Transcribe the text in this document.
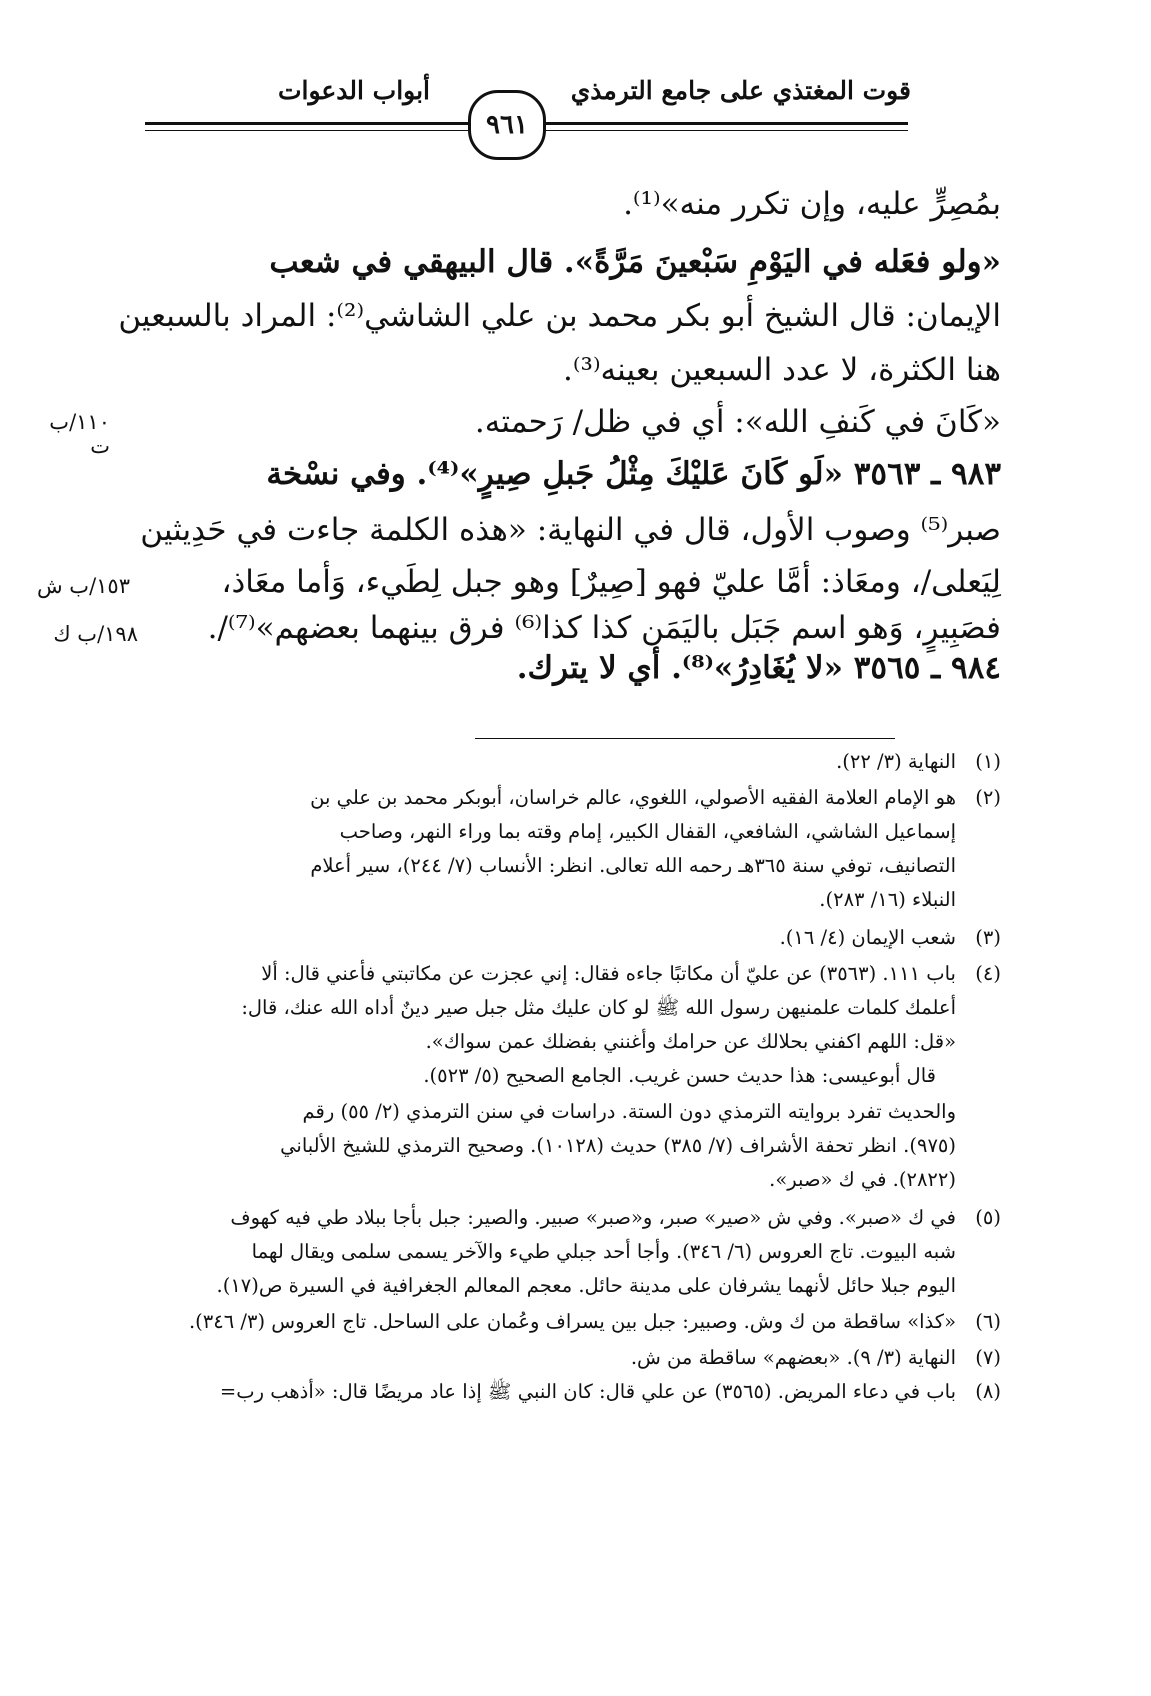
قوت المغتذي على جامع الترمذي
أبواب الدعوات
٩٦١
بمُصِرٍّ عليه، وإن تكرر منه»⁽¹⁾.
«ولو فعَله في اليَوْمِ سَبْعينَ مَرَّةً». قال البيهقي في شعب
الإيمان: قال الشيخ أبو بكر محمد بن علي الشاشي⁽²⁾: المراد بالسبعين
هنا الكثرة، لا عدد السبعين بعينه⁽³⁾.
«كَانَ في كَنفِ الله»: أي في ظل/ رَحمته.
٩٨٣ ـ ٣٥٦٣ «لَو كَانَ عَليْكَ مِثْلُ جَبلِ صِيرٍ»⁽⁴⁾. وفي نسْخة
صبر⁽⁵⁾ وصوب الأول، قال في النهاية: «هذه الكلمة جاءت في حَدِيثين
لِيَعلى/، ومعَاذ: أمَّا عليّ فهو [صِيرٌ] وهو جبل لِطَيء، وَأما معَاذ،
فصَبِيرٍ، وَهو اسم جَبَل باليَمَن كذا كذا⁽⁶⁾ فرق بينهما بعضهم»⁽⁷⁾/.
٩٨٤ ـ ٣٥٦٥ «لا يُغَادِرُ»⁽⁸⁾. أي لا يترك.
١١٠/ب ت
١٥٣/ب ش
١٩٨/ب ك
(١)
النهاية (٣/ ٢٢).
(٢)
هو الإمام العلامة الفقيه الأصولي، اللغوي، عالم خراسان، أبوبكر محمد بن علي بن
إسماعيل الشاشي، الشافعي، القفال الكبير، إمام وقته بما وراء النهر، وصاحب
التصانيف، توفي سنة ٣٦٥هـ رحمه الله تعالى. انظر: الأنساب (٧/ ٢٤٤)، سير أعلام
النبلاء (١٦/ ٢٨٣).
(٣)
شعب الإيمان (٤/ ١٦).
(٤)
باب ١١١. (٣٥٦٣) عن عليّ أن مكاتبًا جاءه فقال: إني عجزت عن مكاتبتي فأعني قال: ألا
أعلمك كلمات علمنيهن رسول الله ﷺ لو كان عليك مثل جبل صير دينٌ أداه الله عنك، قال:
«قل: اللهم اكفني بحلالك عن حرامك وأغنني بفضلك عمن سواك».
قال أبوعيسى: هذا حديث حسن غريب. الجامع الصحيح (٥/ ٥٢٣).
والحديث تفرد بروايته الترمذي دون الستة. دراسات في سنن الترمذي (٢/ ٥٥) رقم
(٩٧٥). انظر تحفة الأشراف (٧/ ٣٨٥) حديث (١٠١٢٨). وصحيح الترمذي للشيخ الألباني
(٢٨٢٢). في ك «صبر».
(٥)
في ك «صبر». وفي ش «صير» صبر، و«صبر» صبير. والصير: جبل بأجا ببلاد طي فيه كهوف
شبه البيوت. تاج العروس (٦/ ٣٤٦). وأجا أحد جبلي طيء والآخر يسمى سلمى ويقال لهما
اليوم جبلا حائل لأنهما يشرفان على مدينة حائل. معجم المعالم الجغرافية في السيرة ص(١٧).
(٦)
«كذا» ساقطة من ك وش. وصبير: جبل بين يسراف وعُمان على الساحل. تاج العروس (٣/ ٣٤٦).
(٧)
النهاية (٣/ ٩). «بعضهم» ساقطة من ش.
(٨)
باب في دعاء المريض. (٣٥٦٥) عن علي قال: كان النبي ﷺ إذا عاد مريضًا قال: «أذهب رب=
